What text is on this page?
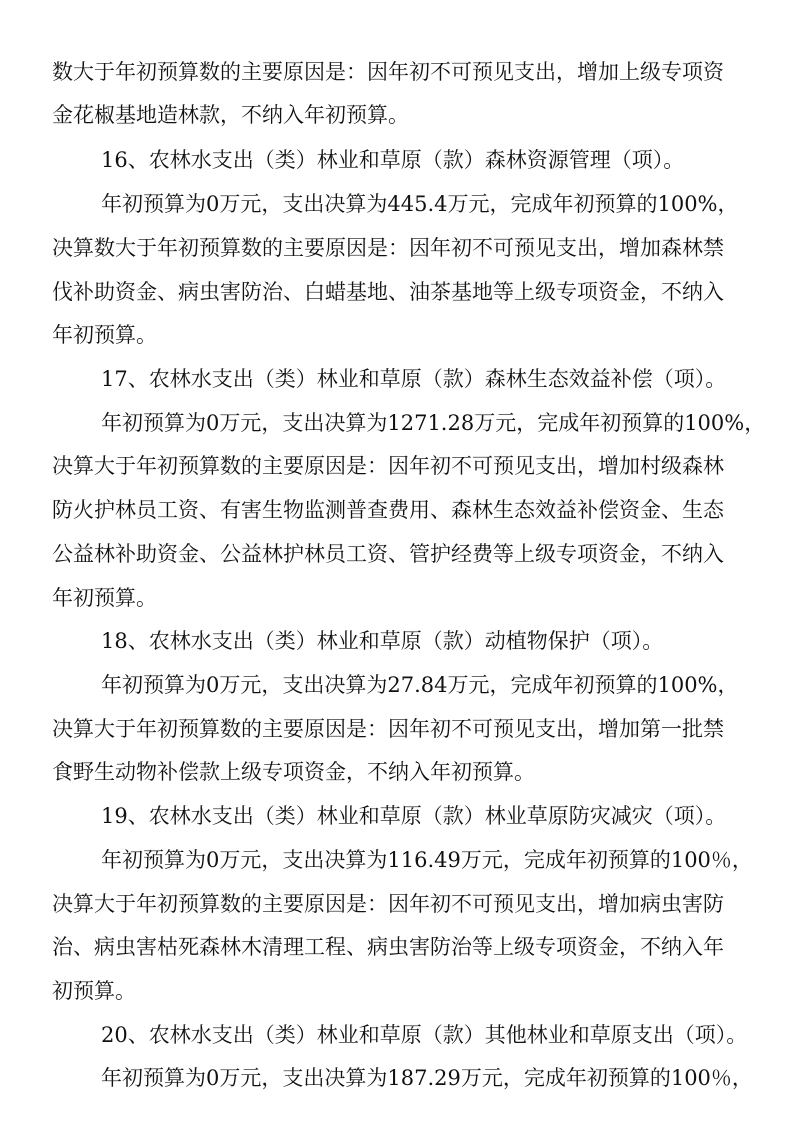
数大于年初预算数的主要原因是：因年初不可预见支出，增加上级专项资
金花椒基地造林款，不纳入年初预算。
16、农林水支出（类）林业和草原（款）森林资源管理（项）。
年初预算为0万元，支出决算为445.4万元，完成年初预算的100%，
决算数大于年初预算数的主要原因是：因年初不可预见支出，增加森林禁
伐补助资金、病虫害防治、白蜡基地、油茶基地等上级专项资金，不纳入
年初预算。
17、农林水支出（类）林业和草原（款）森林生态效益补偿（项）。
年初预算为0万元，支出决算为1271.28万元，完成年初预算的100%，
决算大于年初预算数的主要原因是：因年初不可预见支出，增加村级森林
防火护林员工资、有害生物监测普查费用、森林生态效益补偿资金、生态
公益林补助资金、公益林护林员工资、管护经费等上级专项资金，不纳入
年初预算。
18、农林水支出（类）林业和草原（款）动植物保护（项）。
年初预算为0万元，支出决算为27.84万元，完成年初预算的100%，
决算大于年初预算数的主要原因是：因年初不可预见支出，增加第一批禁
食野生动物补偿款上级专项资金，不纳入年初预算。
19、农林水支出（类）林业和草原（款）林业草原防灾减灾（项）。
年初预算为0万元，支出决算为116.49万元，完成年初预算的100％，
决算大于年初预算数的主要原因是：因年初不可预见支出，增加病虫害防
治、病虫害枯死森林木清理工程、病虫害防治等上级专项资金，不纳入年
初预算。
20、农林水支出（类）林业和草原（款）其他林业和草原支出（项）。
年初预算为0万元，支出决算为187.29万元，完成年初预算的100％，
